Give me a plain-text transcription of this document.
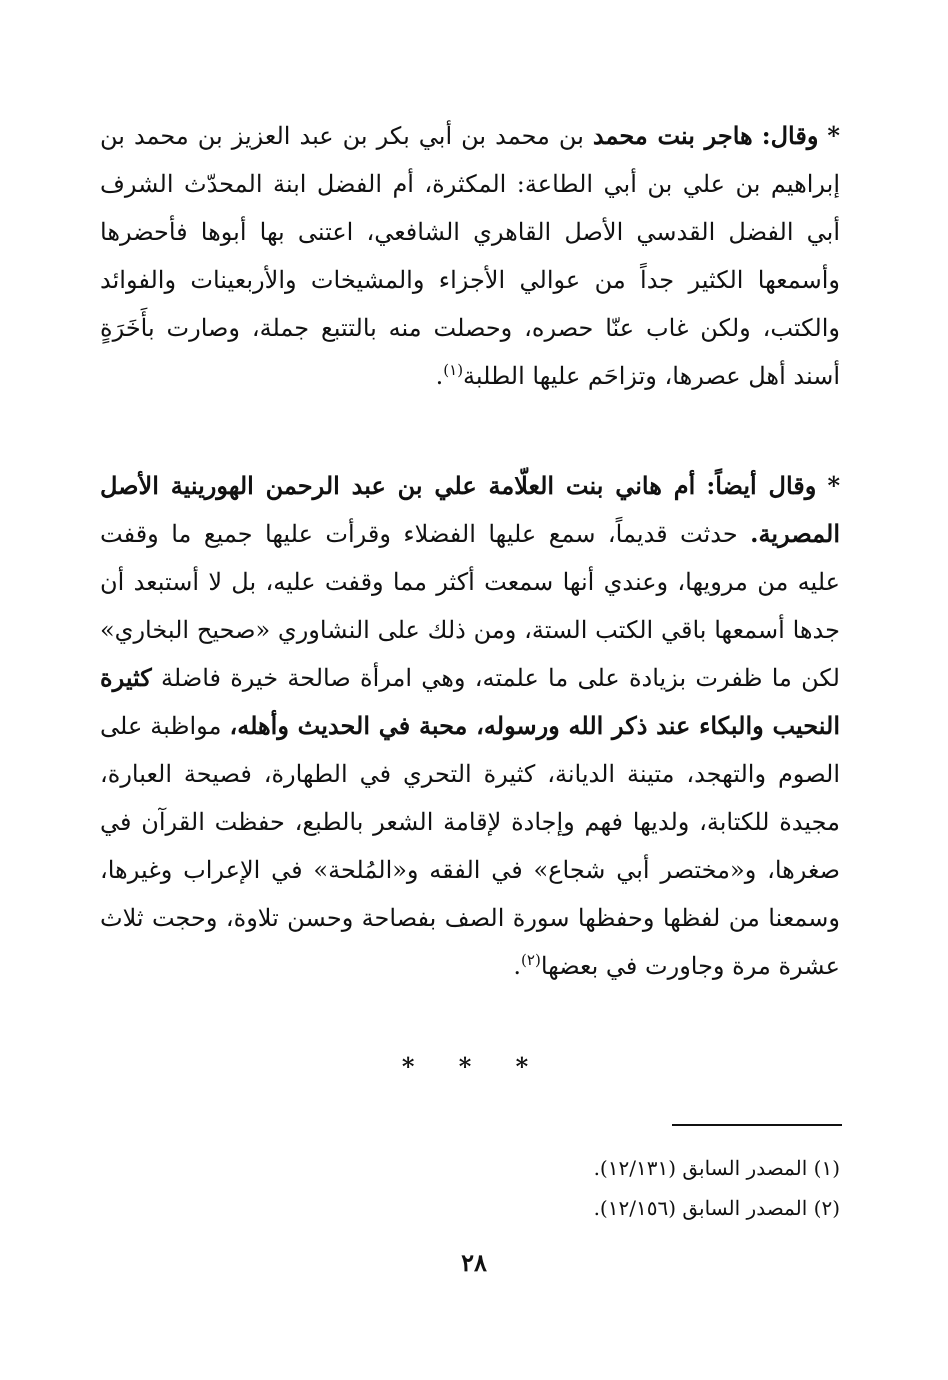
* وقال: هاجر بنت محمد بن محمد بن أبي بكر بن عبد العزيز بن محمد بن إبراهيم بن علي بن أبي الطاعة: المكثرة، أم الفضل ابنة المحدّث الشرف أبي الفضل القدسي الأصل القاهري الشافعي، اعتنى بها أبوها فأحضرها وأسمعها الكثير جداً من عوالي الأجزاء والمشيخات والأربعينات والفوائد والكتب، ولكن غاب عنّا حصره، وحصلت منه بالتتبع جملة، وصارت بأَخَرَةٍ أسند أهل عصرها، وتزاحَم عليها الطلبة$^{(١)}$.
* وقال أيضاً: أم هاني بنت العلّامة علي بن عبد الرحمن الهورينية الأصل المصرية. حدثت قديماً، سمع عليها الفضلاء وقرأت عليها جميع ما وقفت عليه من مرويها، وعندي أنها سمعت أكثر مما وقفت عليه، بل لا أستبعد أن جدها أسمعها باقي الكتب الستة، ومن ذلك على النشاوري «صحيح البخاري» لكن ما ظفرت بزيادة على ما علمته، وهي امرأة صالحة خيرة فاضلة كثيرة النحيب والبكاء عند ذكر الله ورسوله، محبة في الحديث وأهله، مواظبة على الصوم والتهجد، متينة الديانة، كثيرة التحري في الطهارة، فصيحة العبارة، مجيدة للكتابة، ولديها فهم وإجادة لإقامة الشعر بالطبع، حفظت القرآن في صغرها، و«مختصر أبي شجاع» في الفقه و«المُلحة» في الإعراب وغيرها، وسمعنا من لفظها وحفظها سورة الصف بفصاحة وحسن تلاوة، وحجت ثلاث عشرة مرة وجاورت في بعضها$^{(٢)}$.
* * *
(١) المصدر السابق (١٢/١٣١).
(٢) المصدر السابق (١٢/١٥٦).
٢٨
